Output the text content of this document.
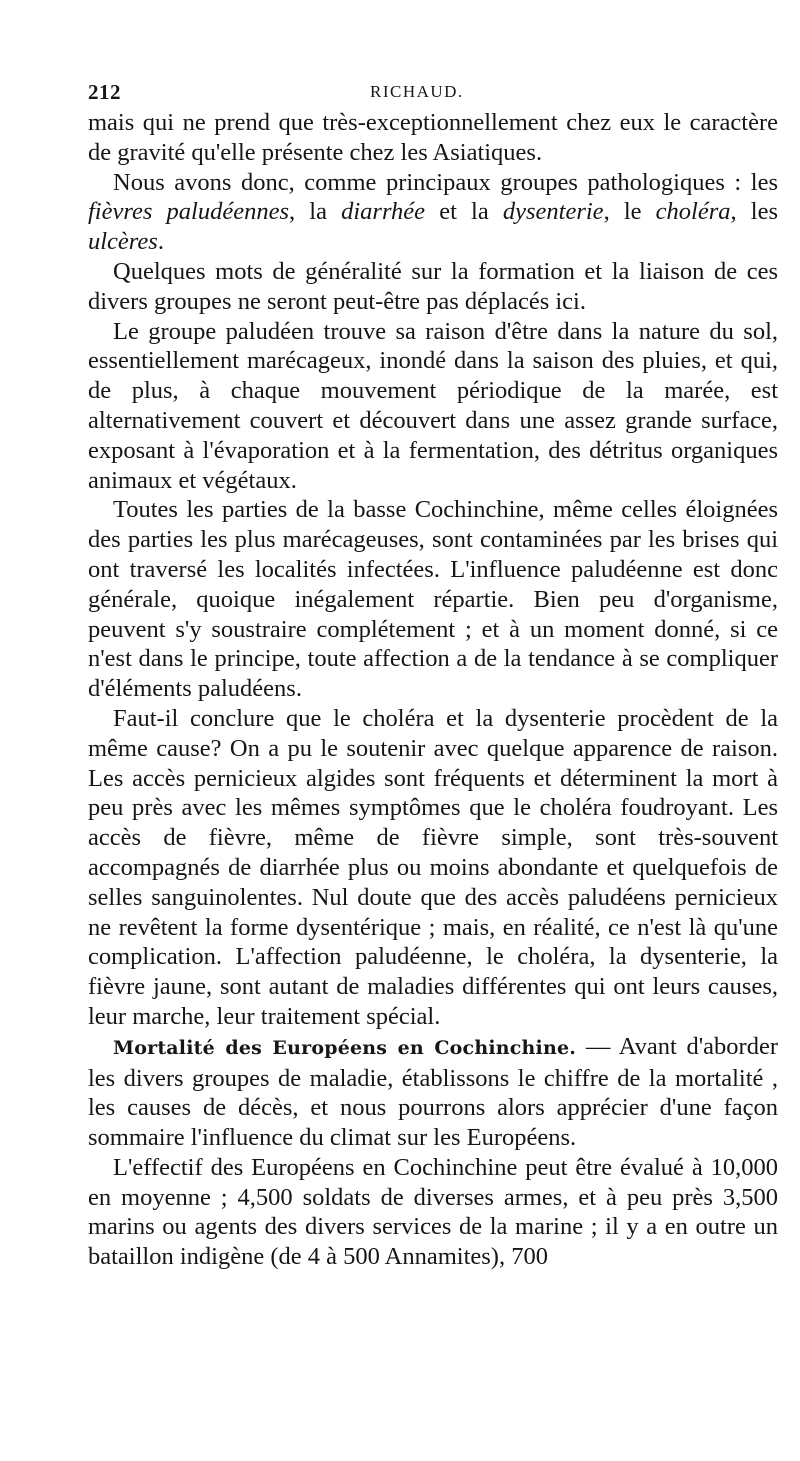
212	RICHAUD.

mais qui ne prend que très-exceptionnellement chez eux le caractère de gravité qu'elle présente chez les Asiatiques.

Nous avons donc, comme principaux groupes pathologiques : les fièvres paludéennes, la diarrhée et la dysenterie, le choléra, les ulcères.

Quelques mots de généralité sur la formation et la liaison de ces divers groupes ne seront peut-être pas déplacés ici.

Le groupe paludéen trouve sa raison d'être dans la nature du sol, essentiellement marécageux, inondé dans la saison des pluies, et qui, de plus, à chaque mouvement périodique de la marée, est alternativement couvert et découvert dans une assez grande surface, exposant à l'évaporation et à la fermentation, des détritus organiques animaux et végétaux.

Toutes les parties de la basse Cochinchine, même celles éloignées des parties les plus marécageuses, sont contaminées par les brises qui ont traversé les localités infectées. L'influence paludéenne est donc générale, quoique inégalement répartie. Bien peu d'organisme, peuvent s'y soustraire complétement ; et à un moment donné, si ce n'est dans le principe, toute affection a de la tendance à se compliquer d'éléments paludéens.

Faut-il conclure que le choléra et la dysenterie procèdent de la même cause? On a pu le soutenir avec quelque apparence de raison. Les accès pernicieux algides sont fréquents et déterminent la mort à peu près avec les mêmes symptômes que le choléra foudroyant. Les accès de fièvre, même de fièvre simple, sont très-souvent accompagnés de diarrhée plus ou moins abondante et quelquefois de selles sanguinolentes. Nul doute que des accès paludéens pernicieux ne revêtent la forme dysentérique ; mais, en réalité, ce n'est là qu'une complication. L'affection paludéenne, le choléra, la dysenterie, la fièvre jaune, sont autant de maladies différentes qui ont leurs causes, leur marche, leur traitement spécial.

Mortalité des Européens en Cochinchine. — Avant d'aborder les divers groupes de maladie, établissons le chiffre de la mortalité , les causes de décès, et nous pourrons alors apprécier d'une façon sommaire l'influence du climat sur les Européens.

L'effectif des Européens en Cochinchine peut être évalué à 10,000 en moyenne ; 4,500 soldats de diverses armes, et à peu près 3,500 marins ou agents des divers services de la marine ; il y a en outre un bataillon indigène (de 4 à 500 Annamites), 700
